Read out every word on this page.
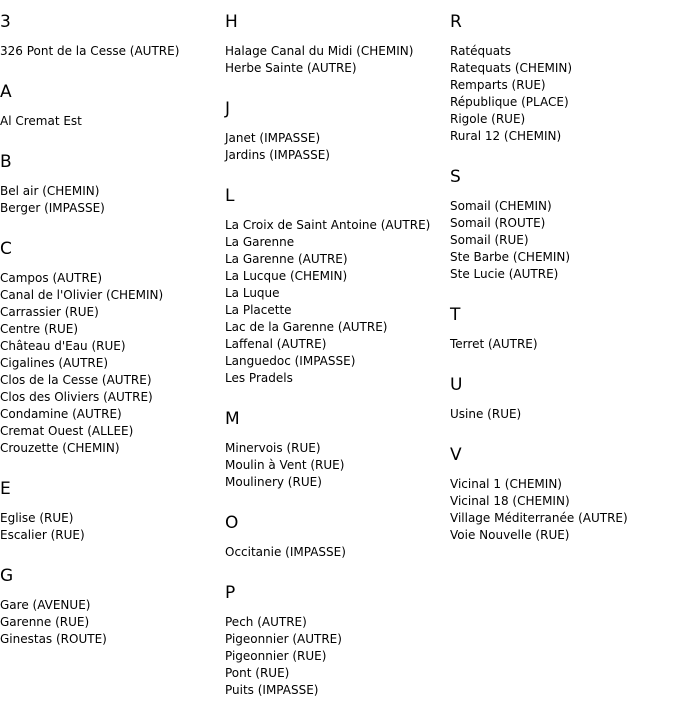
3
326 Pont de la Cesse (AUTRE)
A
Al Cremat Est
B
Bel air (CHEMIN)
Berger (IMPASSE)
C
Campos (AUTRE)
Canal de l'Olivier (CHEMIN)
Carrassier (RUE)
Centre (RUE)
Château d'Eau (RUE)
Cigalines (AUTRE)
Clos de la Cesse (AUTRE)
Clos des Oliviers (AUTRE)
Condamine (AUTRE)
Cremat Ouest (ALLEE)
Crouzette (CHEMIN)
E
Eglise (RUE)
Escalier (RUE)
G
Gare (AVENUE)
Garenne (RUE)
Ginestas (ROUTE)
H
Halage Canal du Midi (CHEMIN)
Herbe Sainte (AUTRE)
J
Janet (IMPASSE)
Jardins (IMPASSE)
L
La Croix de Saint Antoine (AUTRE)
La Garenne
La Garenne (AUTRE)
La Lucque (CHEMIN)
La Luque
La Placette
Lac de la Garenne (AUTRE)
Laffenal (AUTRE)
Languedoc (IMPASSE)
Les Pradels
M
Minervois (RUE)
Moulin à Vent (RUE)
Moulinery (RUE)
O
Occitanie (IMPASSE)
P
Pech (AUTRE)
Pigeonnier (AUTRE)
Pigeonnier (RUE)
Pont (RUE)
Puits (IMPASSE)
R
Ratéquats
Ratequats (CHEMIN)
Remparts (RUE)
République (PLACE)
Rigole (RUE)
Rural 12 (CHEMIN)
S
Somail (CHEMIN)
Somail (ROUTE)
Somail (RUE)
Ste Barbe (CHEMIN)
Ste Lucie (AUTRE)
T
Terret (AUTRE)
U
Usine (RUE)
V
Vicinal 1 (CHEMIN)
Vicinal 18 (CHEMIN)
Village Méditerranée (AUTRE)
Voie Nouvelle (RUE)
